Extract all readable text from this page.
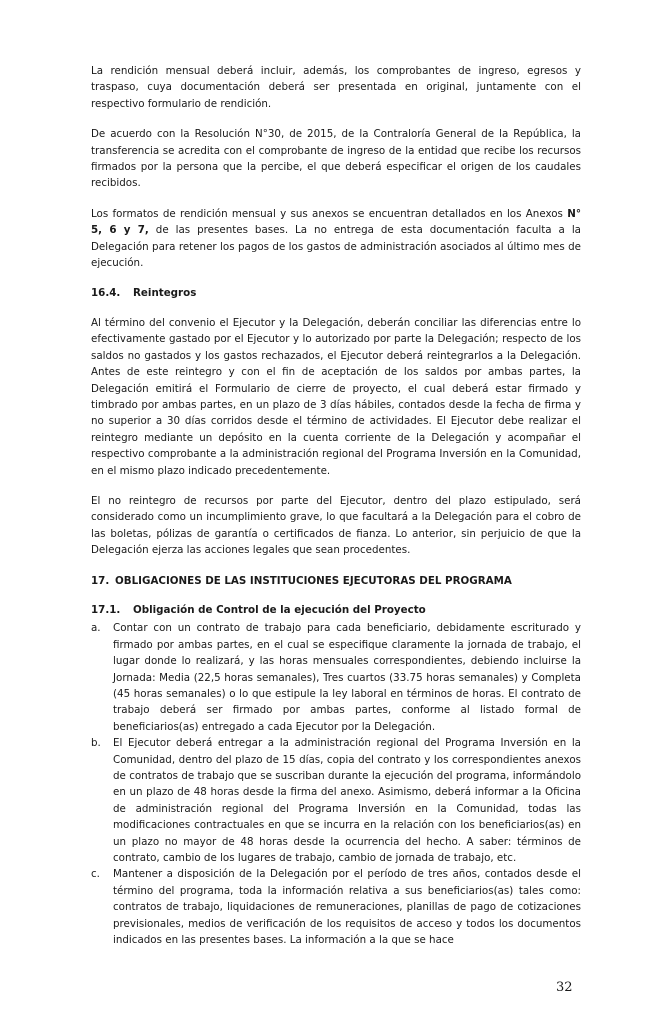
La rendición mensual deberá incluir, además, los comprobantes de ingreso, egresos y traspaso, cuya documentación deberá ser presentada en original, juntamente con el respectivo formulario de rendición.

De acuerdo con la Resolución N°30, de 2015, de la Contraloría General de la República, la transferencia se acredita con el comprobante de ingreso de la entidad que recibe los recursos firmados por la persona que la percibe, el que deberá especificar el origen de los caudales recibidos.

Los formatos de rendición mensual y sus anexos se encuentran detallados en los Anexos N° 5, 6 y 7, de las presentes bases. La no entrega de esta documentación faculta a la Delegación para retener los pagos de los gastos de administración asociados al último mes de ejecución.

16.4.	Reintegros

Al término del convenio el Ejecutor y la Delegación, deberán conciliar las diferencias entre lo efectivamente gastado por el Ejecutor y lo autorizado por parte la Delegación; respecto de los saldos no gastados y los gastos rechazados, el Ejecutor deberá reintegrarlos a la Delegación. Antes de este reintegro y con el fin de aceptación de los saldos por ambas partes, la Delegación emitirá el Formulario de cierre de proyecto, el cual deberá estar firmado y timbrado por ambas partes, en un plazo de 3 días hábiles, contados desde la fecha de firma y no superior a 30 días corridos desde el término de actividades. El Ejecutor debe realizar el reintegro mediante un depósito en la cuenta corriente de la Delegación y acompañar el respectivo comprobante a la administración regional del Programa Inversión en la Comunidad, en el mismo plazo indicado precedentemente.

El no reintegro de recursos por parte del Ejecutor, dentro del plazo estipulado, será considerado como un incumplimiento grave, lo que facultará a la Delegación para el cobro de las boletas, pólizas de garantía o certificados de fianza. Lo anterior, sin perjuicio de que la Delegación ejerza las acciones legales que sean procedentes.

17. OBLIGACIONES DE LAS INSTITUCIONES EJECUTORAS DEL PROGRAMA
17.1.	Obligación de Control de la ejecución del Proyecto
a.	Contar con un contrato de trabajo para cada beneficiario, debidamente escriturado y firmado por ambas partes, en el cual se especifique claramente la jornada de trabajo, el lugar donde lo realizará, y las horas mensuales correspondientes, debiendo incluirse la Jornada: Media (22,5 horas semanales), Tres cuartos (33.75 horas semanales) y Completa (45 horas semanales) o lo que estipule la ley laboral en términos de horas. El contrato de trabajo deberá ser firmado por ambas partes, conforme al listado formal de beneficiarios(as) entregado a cada Ejecutor por la Delegación.
b.	El Ejecutor deberá entregar a la administración regional del Programa Inversión en la Comunidad, dentro del plazo de 15 días, copia del contrato y los correspondientes anexos de contratos de trabajo que se suscriban durante la ejecución del programa, informándolo en un plazo de 48 horas desde la firma del anexo. Asimismo, deberá informar a la Oficina de administración regional del Programa Inversión en la Comunidad, todas las modificaciones contractuales en que se incurra en la relación con los beneficiarios(as) en un plazo no mayor de 48 horas desde la ocurrencia del hecho. A saber: términos de contrato, cambio de los lugares de trabajo, cambio de jornada de trabajo, etc.
c.	Mantener a disposición de la Delegación por el período de tres años, contados desde el término del programa, toda la información relativa a sus beneficiarios(as) tales como: contratos de trabajo, liquidaciones de remuneraciones, planillas de pago de cotizaciones previsionales, medios de verificación de los requisitos de acceso y todos los documentos indicados en las presentes bases. La información a la que se hace
32
